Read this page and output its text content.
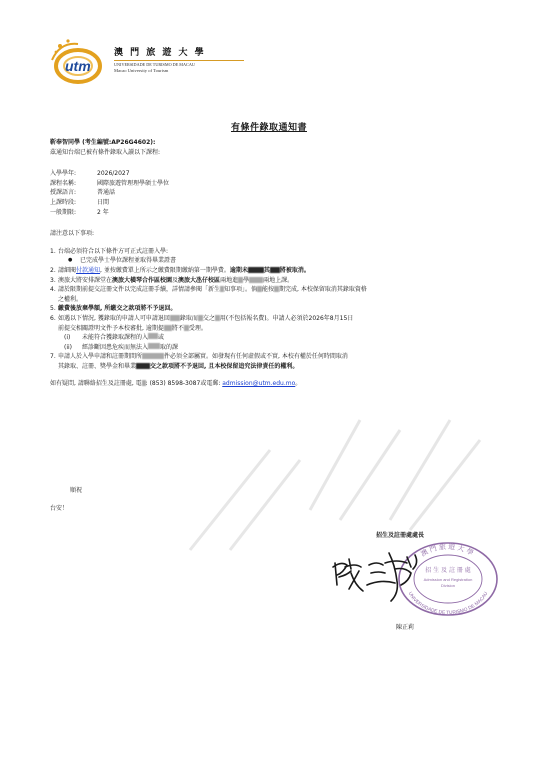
utm
澳 門 旅 遊 大 學
UNIVERSIDADE DE TURISMO DE MACAU
Macao University of Tourism
有條件錄取通知書

靳奉智同學 (考生編號:AP26G4602):

茲通知台端已被有條件錄取入讀以下課程:

入學學年:	2026/2027
課程名稱:	國際旅遊管理理學碩士學位
授課語言:	普通話
上課時段:	日間
一般期限:	2 年

請注意以下事項:

1. 台端必須符合以下條件方可正式註冊入學:
●	已完成學士學位課程並取得畢業證書
2. 請細閱付款通知, 並按繳費單上所示之繳費限期繳納第一期學費。逾期未	其 將被取消。
3. 澳旅大將安排課堂在澳旅大橫琴合作區校園及澳旅大氹仔校區兩地進 學 兩地上課。
4. 請於限期前提交註冊文件以完成註冊手續，詳情請參閱「新生 知事項」。倘 能按 期完成, 本校保留取消其錄取資格
之權利。
5. 繳費後放棄學額, 所繳交之款項將不予退回。
6. 如遇以下情況, 獲錄取的申請人可申請退回 錄取而 交之 用(不包括報名費)。申請人必須於2026年8月15日
前提交相關證明文件予本校審批, 逾期提 將不 受理。
(i)	未能符合獲錄取課程的入 或
(ii)	經診斷因患危疾而無法入 取的課
7. 申請人於入學申請和註冊期間所	件必須全部屬實。如發現有任何虛假或不實, 本校有權於任何時間取消
其錄取、註冊、獎學金和畢業 交之款項將不予退回, 且本校保留追究法律責任的權利。
如有疑問, 請聯絡招生及註冊處, 電 : (853) 8598-3087或電郵: admission@utm.edu.mo。
順祝
台安！
招生及註冊處處長
澳門旅遊大學
UNIVERSIDADE DE TURISMO DE MACAU
招 生 及 註 冊 處
Admission and Registration
Division
陳正莉
